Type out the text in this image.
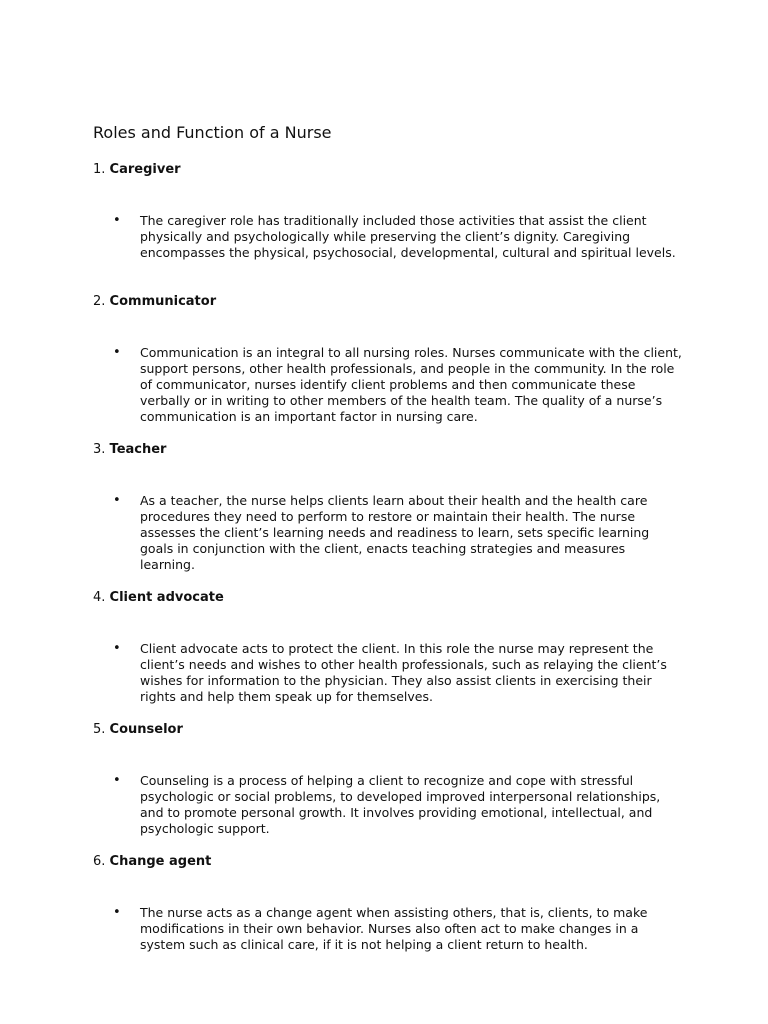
Roles and Function of a Nurse
1. Caregiver
• The caregiver role has traditionally included those activities that assist the client physically and psychologically while preserving the client’s dignity. Caregiving encompasses the physical, psychosocial, developmental, cultural and spiritual levels.

2. Communicator
• Communication is an integral to all nursing roles. Nurses communicate with the client, support persons, other health professionals, and people in the community. In the role of communicator, nurses identify client problems and then communicate these verbally or in writing to other members of the health team. The quality of a nurse’s communication is an important factor in nursing care.

3. Teacher
• As a teacher, the nurse helps clients learn about their health and the health care procedures they need to perform to restore or maintain their health. The nurse assesses the client’s learning needs and readiness to learn, sets specific learning goals in conjunction with the client, enacts teaching strategies and measures learning.

4. Client advocate
• Client advocate acts to protect the client. In this role the nurse may represent the client’s needs and wishes to other health professionals, such as relaying the client’s wishes for information to the physician. They also assist clients in exercising their rights and help them speak up for themselves.

5. Counselor
• Counseling is a process of helping a client to recognize and cope with stressful psychologic or social problems, to developed improved interpersonal relationships, and to promote personal growth. It involves providing emotional, intellectual, and psychologic support.

6. Change agent
• The nurse acts as a change agent when assisting others, that is, clients, to make modifications in their own behavior. Nurses also often act to make changes in a system such as clinical care, if it is not helping a client return to health.
